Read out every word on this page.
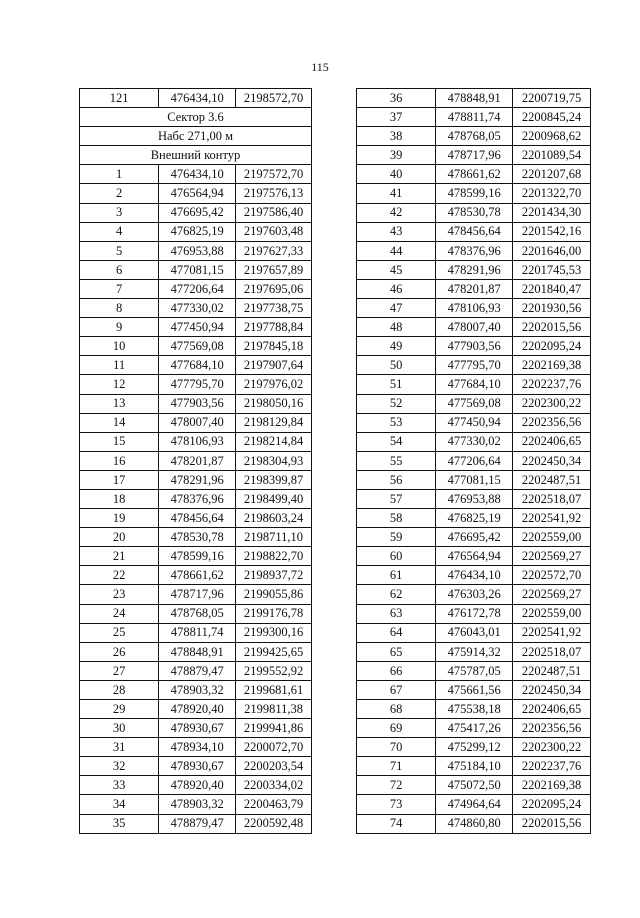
115
121	476434,10	2198572,70
Сектор 3.6		
Набс 271,00 м		
Внешний контур		
1	476434,10	2197572,70
2	476564,94	2197576,13
3	476695,42	2197586,40
4	476825,19	2197603,48
5	476953,88	2197627,33
6	477081,15	2197657,89
7	477206,64	2197695,06
8	477330,02	2197738,75
9	477450,94	2197788,84
10	477569,08	2197845,18
11	477684,10	2197907,64
12	477795,70	2197976,02
13	477903,56	2198050,16
14	478007,40	2198129,84
15	478106,93	2198214,84
16	478201,87	2198304,93
17	478291,96	2198399,87
18	478376,96	2198499,40
19	478456,64	2198603,24
20	478530,78	2198711,10
21	478599,16	2198822,70
22	478661,62	2198937,72
23	478717,96	2199055,86
24	478768,05	2199176,78
25	478811,74	2199300,16
26	478848,91	2199425,65
27	478879,47	2199552,92
28	478903,32	2199681,61
29	478920,40	2199811,38
30	478930,67	2199941,86
31	478934,10	2200072,70
32	478930,67	2200203,54
33	478920,40	2200334,02
34	478903,32	2200463,79
35	478879,47	2200592,48
36	478848,91	2200719,75
37	478811,74	2200845,24
38	478768,05	2200968,62
39	478717,96	2201089,54
40	478661,62	2201207,68
41	478599,16	2201322,70
42	478530,78	2201434,30
43	478456,64	2201542,16
44	478376,96	2201646,00
45	478291,96	2201745,53
46	478201,87	2201840,47
47	478106,93	2201930,56
48	478007,40	2202015,56
49	477903,56	2202095,24
50	477795,70	2202169,38
51	477684,10	2202237,76
52	477569,08	2202300,22
53	477450,94	2202356,56
54	477330,02	2202406,65
55	477206,64	2202450,34
56	477081,15	2202487,51
57	476953,88	2202518,07
58	476825,19	2202541,92
59	476695,42	2202559,00
60	476564,94	2202569,27
61	476434,10	2202572,70
62	476303,26	2202569,27
63	476172,78	2202559,00
64	476043,01	2202541,92
65	475914,32	2202518,07
66	475787,05	2202487,51
67	475661,56	2202450,34
68	475538,18	2202406,65
69	475417,26	2202356,56
70	475299,12	2202300,22
71	475184,10	2202237,76
72	475072,50	2202169,38
73	474964,64	2202095,24
74	474860,80	2202015,56
